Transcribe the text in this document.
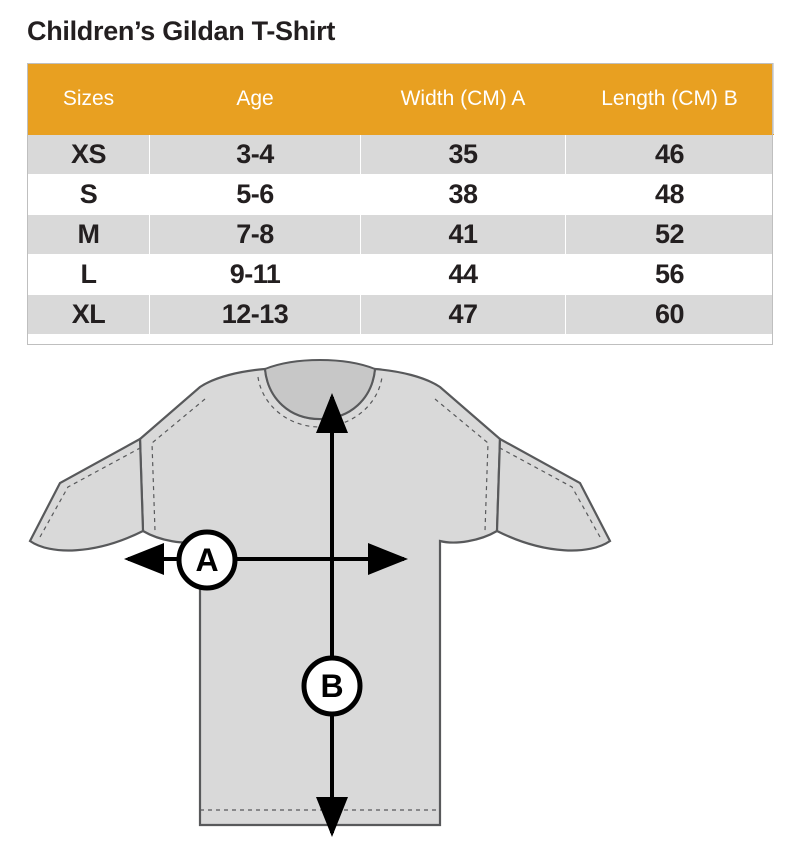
Children’s Gildan T-Shirt
Sizes	Age	Width (CM) A	Length (CM) B
XS	3-4	35	46
S	5-6	38	48
M	7-8	41	52
L	9-11	44	56
XL	12-13	47	60
A
B
